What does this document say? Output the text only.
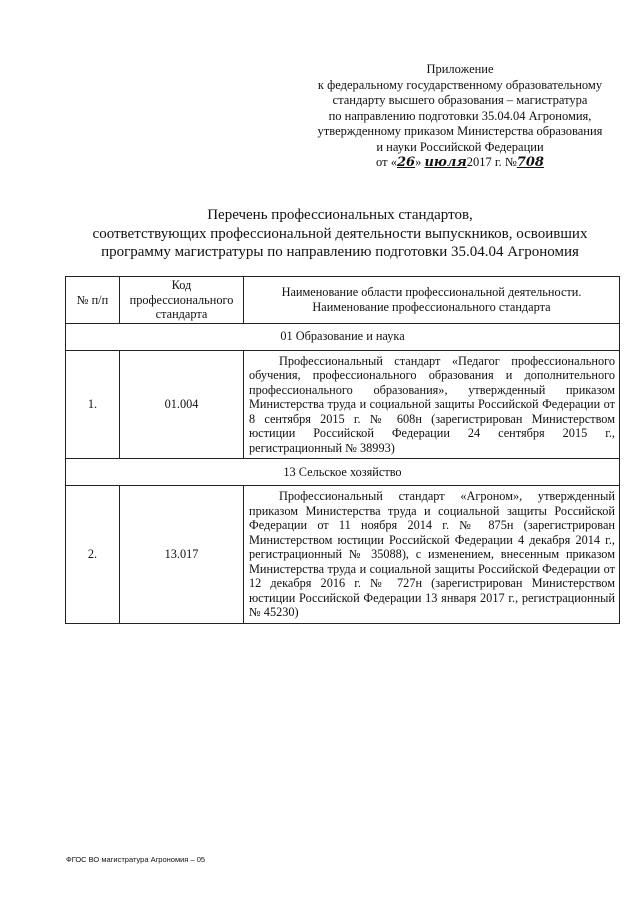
Приложение
к федеральному государственному образовательному
стандарту высшего образования – магистратура
по направлению подготовки 35.04.04 Агрономия,
утвержденному приказом Министерства образования
и науки Российской Федерации
от «26» июля2017 г. №708
Перечень профессиональных стандартов,
соответствующих профессиональной деятельности выпускников, освоивших
программу магистратуры по направлению подготовки 35.04.04 Агрономия
№ п/п	Код профессионального стандарта	Наименование области профессиональной деятельности.
Наименование профессионального стандарта

01 Образование и наука		
1.	01.004	Профессиональный стандарт «Педагог профессионального обучения, профессионального образования и дополнительного профессионального образования», утвержденный приказом Министерства труда и социальной защиты Российской Федерации от 8 сентября 2015 г. № 608н (зарегистрирован Министерством юстиции Российской Федерации 24 сентября 2015 г., регистрационный № 38993)
13 Сельское хозяйство		
2.	13.017	Профессиональный стандарт «Агроном», утвержденный приказом Министерства труда и социальной защиты Российской Федерации от 11 ноября 2014 г. № 875н (зарегистрирован Министерством юстиции Российской Федерации 4 декабря 2014 г., регистрационный № 35088), с изменением, внесенным приказом Министерства труда и социальной защиты Российской Федерации от 12 декабря 2016 г. № 727н (зарегистрирован Министерством юстиции Российской Федерации 13 января 2017 г., регистрационный № 45230)
ФГОС ВО магистратура Агрономия – 05
